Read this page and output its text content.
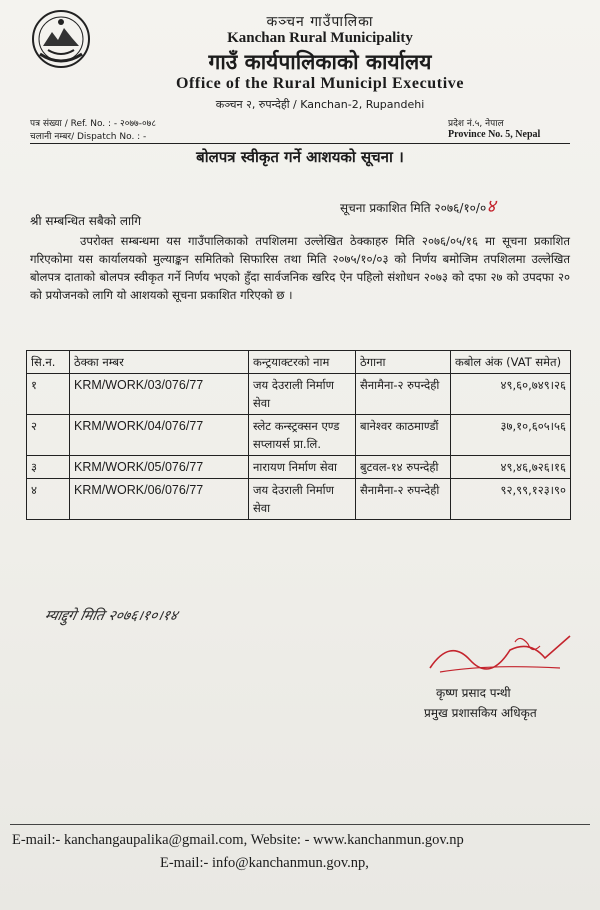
कञ्चन गाउँपालिका
Kanchan Rural Municipality
गाउँ कार्यपालिकाको कार्यालय
Office of the Rural Municipl Executive
कञ्चन २, रुपन्देही / Kanchan-2, Rupandehi
पत्र संख्या / Ref. No. : - २०७७-०७८
चलानी नम्बर/ Dispatch No. : -
प्रदेश नं.५, नेपाल
Province No. 5, Nepal
बोलपत्र स्वीकृत गर्ने आशयको सूचना ।
सूचना प्रकाशित मिति २०७६/१०/०४
श्री सम्बन्धित सबैको लागि
उपरोक्त सम्बन्धमा यस गाउँपालिकाको तपशिलमा उल्लेखित ठेक्काहरु मिति २०७६/०५/१६ मा सूचना प्रकाशित गरिएकोमा यस कार्यालयको मुल्याङ्कन समितिको सिफारिस तथा मिति २०७५/१०/०३ को निर्णय बमोजिम तपशिलमा उल्लेखित बोलपत्र दाताको बोलपत्र स्वीकृत गर्ने निर्णय भएको हुँदा सार्वजनिक खरिद ऐन पहिलो संशोधन २०७३ को दफा २७ को उपदफा २० को प्रयोजनको लागि यो आशयको सूचना प्रकाशित गरिएको छ ।
सि.न.	ठेक्का नम्बर	कन्ट्रयाक्टरको नाम	ठेगाना	कबोल अंक (VAT समेत)
१	KRM/WORK/03/076/77	जय देउराली निर्माण सेवा	सैनामैना-२ रुपन्देही	४९,६०,७४९।२६
२	KRM/WORK/04/076/77	स्लेट कन्स्ट्रक्सन एण्ड सप्लायर्स प्रा.लि.	बानेश्वर काठमाण्डौं	३७,१०,६०५।५६
३	KRM/WORK/05/076/77	नारायण निर्माण सेवा	बुटवल-१४ रुपन्देही	४९,४६,७२६।१६
४	KRM/WORK/06/076/77	जय देउराली निर्माण सेवा	सैनामैना-२ रुपन्देही	९२,९९,१२३।९०
म्याद्दुगे मिति २०७६।१०।१४
कृष्ण प्रसाद पन्थी
प्रमुख प्रशासकिय अधिकृत
E-mail:- kanchangaupalika@gmail.com, Website: - www.kanchanmun.gov.np
E-mail:- info@kanchanmun.gov.np,
